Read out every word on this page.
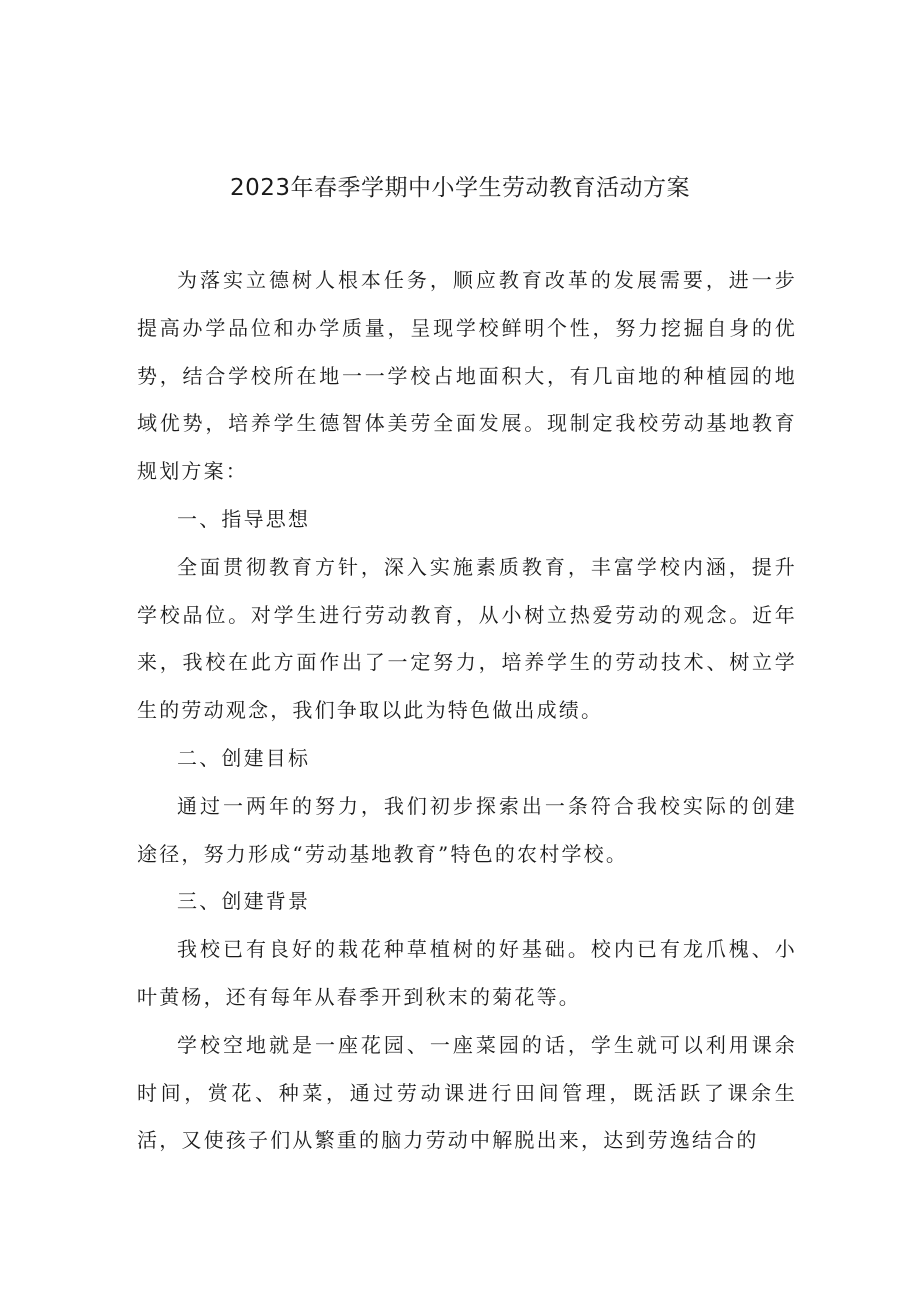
2023年春季学期中小学生劳动教育活动方案

为落实立德树人根本任务，顺应教育改革的发展需要，进一步提高办学品位和办学质量，呈现学校鲜明个性，努力挖掘自身的优势，结合学校所在地一一学校占地面积大，有几亩地的种植园的地域优势，培养学生德智体美劳全面发展。现制定我校劳动基地教育规划方案：

一、指导思想

全面贯彻教育方针，深入实施素质教育，丰富学校内涵，提升学校品位。对学生进行劳动教育，从小树立热爱劳动的观念。近年来，我校在此方面作出了一定努力，培养学生的劳动技术、树立学生的劳动观念，我们争取以此为特色做出成绩。

二、创建目标

通过一两年的努力，我们初步探索出一条符合我校实际的创建途径，努力形成“劳动基地教育”特色的农村学校。

三、创建背景

我校已有良好的栽花种草植树的好基础。校内已有龙爪槐、小叶黄杨，还有每年从春季开到秋末的菊花等。

学校空地就是一座花园、一座菜园的话，学生就可以利用课余时间，赏花、种菜，通过劳动课进行田间管理，既活跃了课余生活，又使孩子们从繁重的脑力劳动中解脱出来，达到劳逸结合的
